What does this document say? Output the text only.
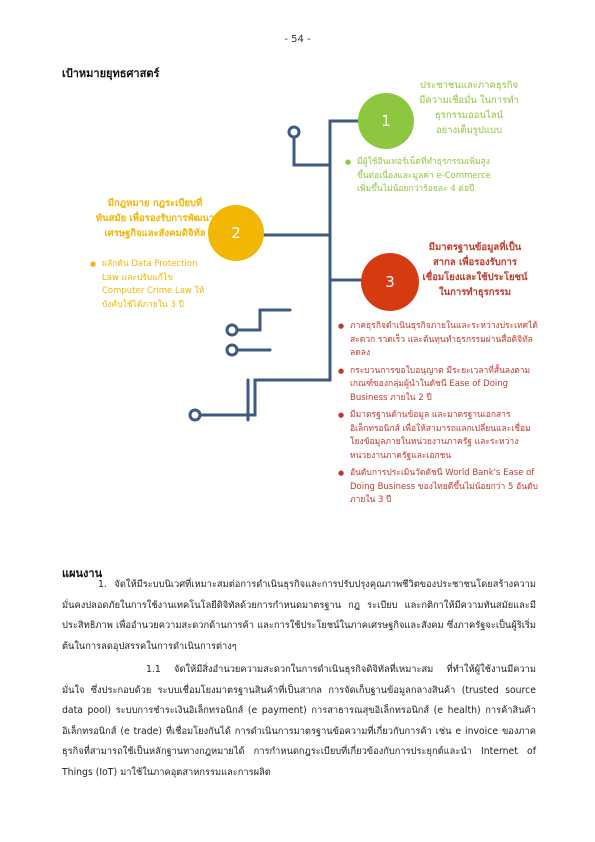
- 54 -
เป้าหมายยุทธศาสตร์
1
ประชาชนและภาคธุรกิจ
มีความเชื่อมั่น ในการทำ
ธุรกรรมออนไลน์
อย่างเต็มรูปแบบ
● มีผู้ใช้อินเทอร์เน็ตที่ทำธุรกรรมเพิ่มสูงขึ้นต่อเนื่องและมูลค่า e-Commerce เพิ่มขึ้นไม่น้อยกว่าร้อยละ 4 ต่อปี
2
มีกฎหมาย กฎระเบียบที่
ทันสมัย เพื่อรองรับการพัฒนา
เศรษฐกิจและสังคมดิจิทัล
● ผลักดัน Data Protection Law และปรับแก้ไข Computer Crime Law ให้บังคับใช้ได้ภายใน 3 ปี
3
มีมาตรฐานข้อมูลที่เป็น
สากล เพื่อรองรับการ
เชื่อมโยงและใช้ประโยชน์
ในการทำธุรกรรม
● ภาคธุรกิจดำเนินธุรกิจภายในและระหว่างประเทศได้สะดวก รวดเร็ว และต้นทุนทำธุรกรรมผ่านสื่อดิจิทัลลดลง
● กระบวนการขอใบอนุญาต มีระยะเวลาที่สั้นลงตามเกณฑ์ของกลุ่มผู้นำในดัชนี Ease of Doing Business ภายใน 2 ปี
● มีมาตรฐานด้านข้อมูล และมาตรฐานเอกสารอิเล็กทรอนิกส์ เพื่อให้สามารถแลกเปลี่ยนและเชื่อมโยงข้อมูลภายในหน่วยงานภาครัฐ และระหว่างหน่วยงานภาครัฐและเอกชน
● อันดับการประเมินวัดดัชนี World Bank's Ease of Doing Business ของไทยดีขึ้นไม่น้อยกว่า 5 อันดับภายใน 3 ปี
แผนงาน
1. จัดให้มีระบบนิเวศที่เหมาะสมต่อการดำเนินธุรกิจและการปรับปรุงคุณภาพชีวิตของประชาชนโดยสร้างความมั่นคงปลอดภัยในการใช้งานเทคโนโลยีดิจิทัลด้วยการกำหนดมาตรฐาน กฎ ระเบียบ และกติกาให้มีความทันสมัยและมีประสิทธิภาพ เพื่ออำนวยความสะดวกด้านการค้า และการใช้ประโยชน์ในภาคเศรษฐกิจและสังคม ซึ่งภาครัฐจะเป็นผู้ริเริ่มต้นในการลดอุปสรรคในการดำเนินการต่างๆ
1.1 จัดให้มีสิ่งอำนวยความสะดวกในการดำเนินธุรกิจดิจิทัลที่เหมาะสม ที่ทำให้ผู้ใช้งานมีความมั่นใจ ซึ่งประกอบด้วย ระบบเชื่อมโยงมาตรฐานสินค้าที่เป็นสากล การจัดเก็บฐานข้อมูลกลางสินค้า (trusted source data pool) ระบบการชำระเงินอิเล็กทรอนิกส์ (e payment) การสาธารณสุขอิเล็กทรอนิกส์ (e health) การค้าสินค้าอิเล็กทรอนิกส์ (e trade) ที่เชื่อมโยงกันได้ การดำเนินการมาตรฐานข้อความที่เกี่ยวกับการค้า เช่น e invoice ของภาคธุรกิจที่สามารถใช้เป็นหลักฐานทางกฎหมายได้ การกำหนดกฎระเบียบที่เกี่ยวข้องกับการประยุกต์และนำ Internet of Things (IoT) มาใช้ในภาคอุตสาหกรรมและการผลิต
